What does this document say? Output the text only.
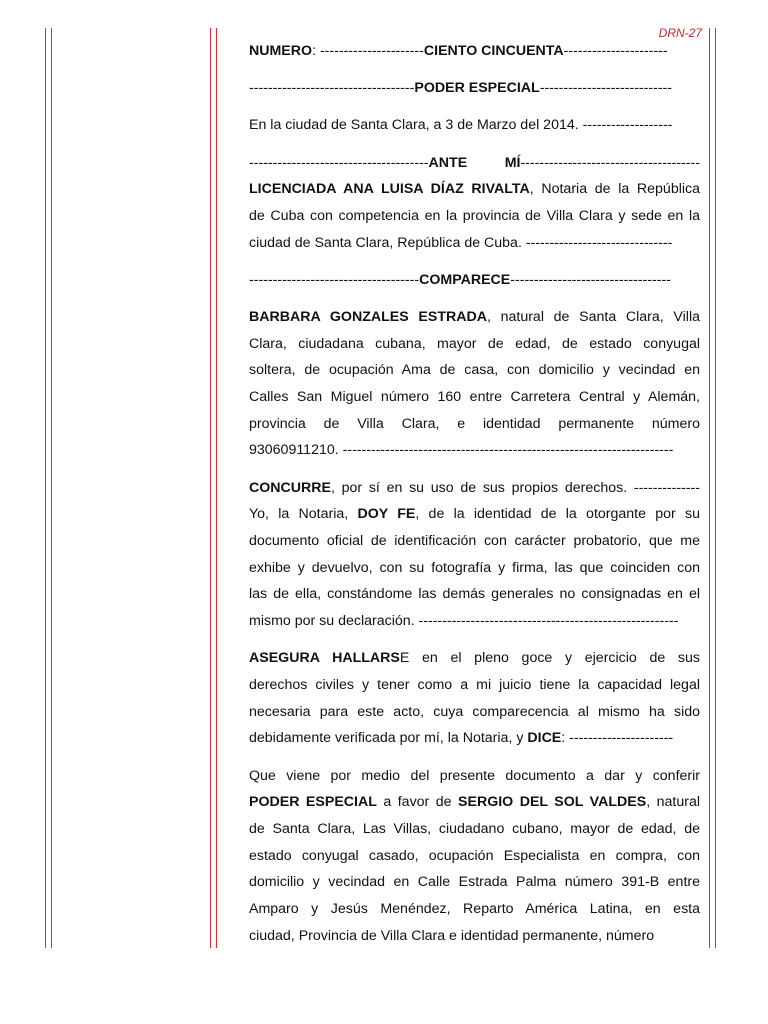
DRN-27
NUMERO: ----------------------CIENTO CINCUENTA----------------------
-----------------------------------PODER ESPECIAL----------------------------
En la ciudad de Santa Clara, a 3 de Marzo del 2014. -------------------
--------------------------------------ANTE MÍ--------------------------------------
LICENCIADA ANA LUISA DÍAZ RIVALTA, Notaria de la República
de Cuba con competencia en la provincia de Villa Clara y sede en la
ciudad de Santa Clara, República de Cuba. -------------------------------
------------------------------------COMPARECE----------------------------------
BARBARA GONZALES ESTRADA, natural de Santa Clara, Villa
Clara, ciudadana cubana, mayor de edad, de estado conyugal
soltera, de ocupación Ama de casa, con domicilio y vecindad en
Calles San Miguel número 160 entre Carretera Central y Alemán,
provincia de Villa Clara, e identidad permanente número
93060911210. ----------------------------------------------------------------------
CONCURRE, por sí en su uso de sus propios derechos. --------------
Yo, la Notaria, DOY FE, de la identidad de la otorgante por su
documento oficial de identificación con carácter probatorio, que me
exhibe y devuelvo, con su fotografía y firma, las que coinciden con
las de ella, constándome las demás generales no consignadas en el
mismo por su declaración. -------------------------------------------------------
ASEGURA HALLARSE en el pleno goce y ejercicio de sus
derechos civiles y tener como a mi juicio tiene la capacidad legal
necesaria para este acto, cuya comparecencia al mismo ha sido
debidamente verificada por mí, la Notaria, y DICE: ----------------------
Que viene por medio del presente documento a dar y conferir
PODER ESPECIAL a favor de SERGIO DEL SOL VALDES, natural
de Santa Clara, Las Villas, ciudadano cubano, mayor de edad, de
estado conyugal casado, ocupación Especialista en compra, con
domicilio y vecindad en Calle Estrada Palma número 391-B entre
Amparo y Jesús Menéndez, Reparto América Latina, en esta
ciudad, Provincia de Villa Clara e identidad permanente, número
